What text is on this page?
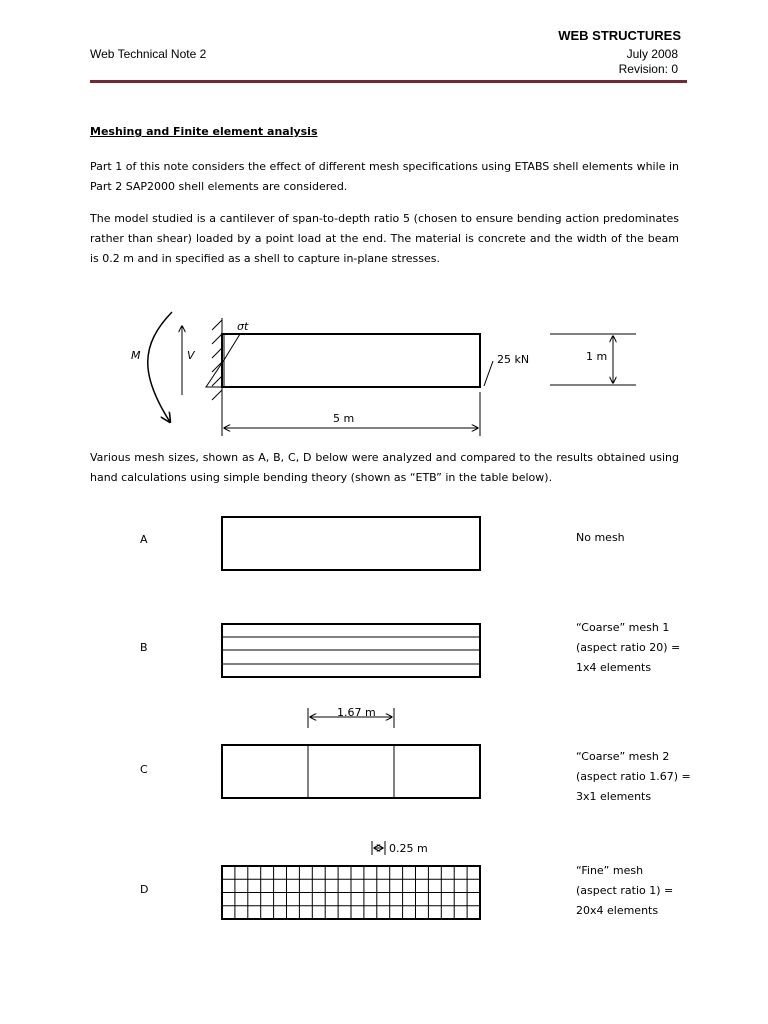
WEB STRUCTURES
Web Technical Note 2	July 2008
Revision: 0
Meshing and Finite element analysis
Part 1 of this note considers the effect of different mesh specifications using ETABS shell elements while in Part 2 SAP2000 shell elements are considered.
The model studied is a cantilever of span-to-depth ratio 5 (chosen to ensure bending action predominates rather than shear) loaded by a point load at the end. The material is concrete and the width of the beam is 0.2 m and in specified as a shell to capture in-plane stresses.
M	V
σt
25 kN
5 m
1 m
Various mesh sizes, shown as A, B, C, D below were analyzed and compared to the results obtained using hand calculations using simple bending theory (shown as “ETB” in the table below).
1.67 m
0.25 m
A
B
C
D
No mesh
“Coarse” mesh 1
(aspect ratio 20) =
1x4 elements
“Coarse” mesh 2
(aspect ratio 1.67) =
3x1 elements
“Fine” mesh
(aspect ratio 1) =
20x4 elements
